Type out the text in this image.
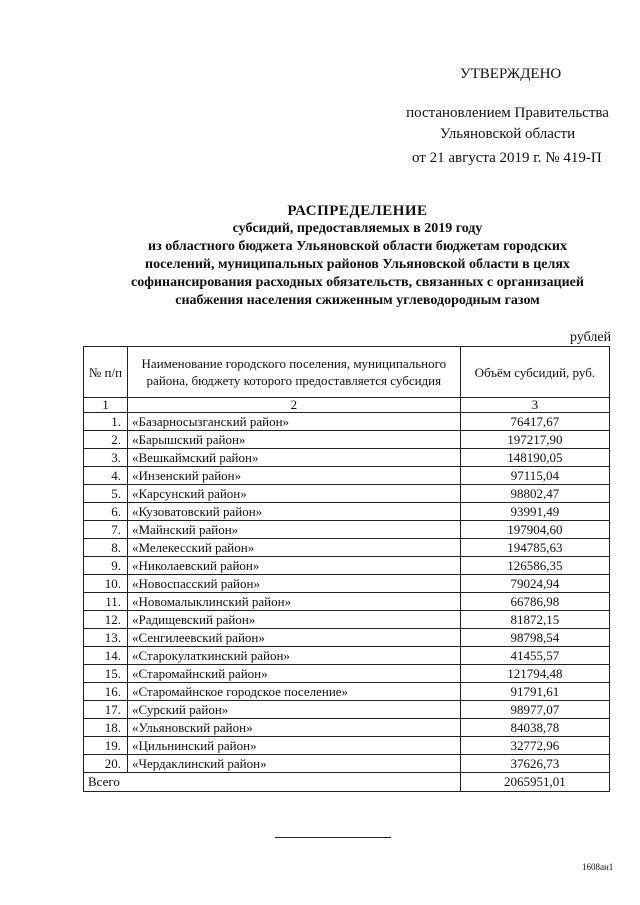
УТВЕРЖДЕНО
постановлением Правительства
Ульяновской области
от 21 августа 2019 г. № 419-П
РАСПРЕДЕЛЕНИЕ
субсидий, предоставляемых в 2019 году
из областного бюджета Ульяновской области бюджетам городских
поселений, муниципальных районов Ульяновской области в целях
софинансирования расходных обязательств, связанных с организацией
снабжения населения сжиженным углеводородным газом
рублей
№ п/п	Наименование городского поселения, муниципального района, бюджету которого предоставляется субсидия	Объём субсидий, руб.
1	2	3
1.	«Базарносызганский район»	76417,67
2.	«Барышский район»	197217,90
3.	«Вешкаймский район»	148190,05
4.	«Инзенский район»	97115,04
5.	«Карсунский район»	98802,47
6.	«Кузоватовский район»	93991,49
7.	«Майнский район»	197904,60
8.	«Мелекесский район»	194785,63
9.	«Николаевский район»	126586,35
10.	«Новоспасский район»	79024,94
11.	«Новомалыклинский район»	66786,98
12.	«Радищевский район»	81872,15
13.	«Сенгилеевский район»	98798,54
14.	«Старокулаткинский район»	41455,57
15.	«Старомайнский район»	121794,48
16.	«Старомайнское городское поселение»	91791,61
17.	«Сурский район»	98977,07
18.	«Ульяновский район»	84038,78
19.	«Цильнинский район»	32772,96
20.	«Чердаклинский район»	37626,73
Всего		2065951,01
1608ан1
